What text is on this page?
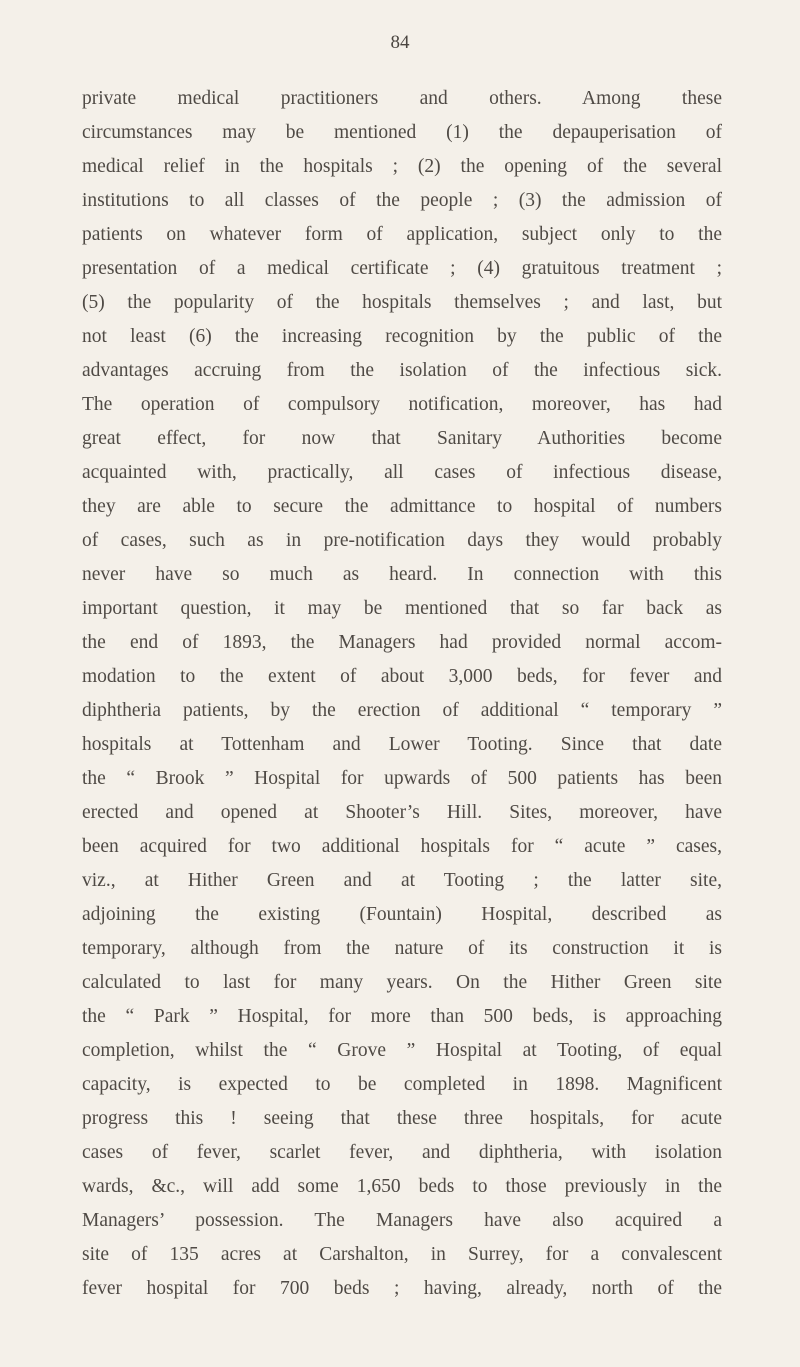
84
private medical practitioners and others. Among these
circumstances may be mentioned (1) the depauperisation of
medical relief in the hospitals ; (2) the opening of the several
institutions to all classes of the people ; (3) the admission of
patients on whatever form of application, subject only to the
presentation of a medical certificate ; (4) gratuitous treatment ;
(5) the popularity of the hospitals themselves ; and last, but
not least (6) the increasing recognition by the public of the
advantages accruing from the isolation of the infectious sick.
The operation of compulsory notification, moreover, has had
great effect, for now that Sanitary Authorities become
acquainted with, practically, all cases of infectious disease,
they are able to secure the admittance to hospital of numbers
of cases, such as in pre-notification days they would probably
never have so much as heard. In connection with this
important question, it may be mentioned that so far back as
the end of 1893, the Managers had provided normal accom-
modation to the extent of about 3,000 beds, for fever and
diphtheria patients, by the erection of additional “ temporary ”
hospitals at Tottenham and Lower Tooting. Since that date
the “ Brook ” Hospital for upwards of 500 patients has been
erected and opened at Shooter’s Hill. Sites, moreover, have
been acquired for two additional hospitals for “ acute ” cases,
viz., at Hither Green and at Tooting ; the latter site,
adjoining the existing (Fountain) Hospital, described as
temporary, although from the nature of its construction it is
calculated to last for many years. On the Hither Green site
the “ Park ” Hospital, for more than 500 beds, is approaching
completion, whilst the “ Grove ” Hospital at Tooting, of equal
capacity, is expected to be completed in 1898. Magnificent
progress this ! seeing that these three hospitals, for acute
cases of fever, scarlet fever, and diphtheria, with isolation
wards, &c., will add some 1,650 beds to those previously in the
Managers’ possession. The Managers have also acquired a
site of 135 acres at Carshalton, in Surrey, for a convalescent
fever hospital for 700 beds ; having, already, north of the
